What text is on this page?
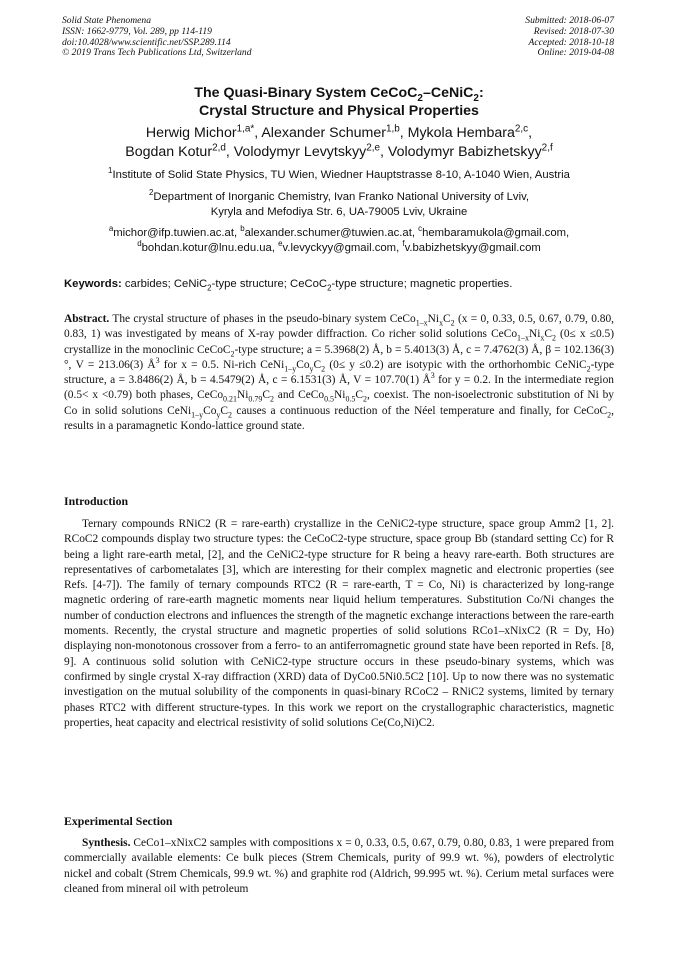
Solid State Phenomena
ISSN: 1662-9779, Vol. 289, pp 114-119
doi:10.4028/www.scientific.net/SSP.289.114
© 2019 Trans Tech Publications Ltd, Switzerland
Submitted: 2018-06-07
Revised: 2018-07-30
Accepted: 2018-10-18
Online: 2019-04-08
The Quasi-Binary System CeCoC$_2$–CeNiC$_2$:
Crystal Structure and Physical Properties
Herwig Michor$^{1,a*}$, Alexander Schumer$^{1,b}$, Mykola Hembara$^{2,c}$,
Bogdan Kotur$^{2,d}$, Volodymyr Levytskyy$^{2,e}$, Volodymyr Babizhetskyy$^{2,f}$
$^1$Institute of Solid State Physics, TU Wien, Wiedner Hauptstrasse 8-10, A-1040 Wien, Austria
$^2$Department of Inorganic Chemistry, Ivan Franko National University of Lviv,
Kyryla and Mefodiya Str. 6, UA-79005 Lviv, Ukraine
$^a$michor@ifp.tuwien.ac.at, $^b$alexander.schumer@tuwien.ac.at, $^c$hembaramukola@gmail.com,
$^d$bohdan.kotur@lnu.edu.ua, $^e$v.levyckyy@gmail.com, $^f$v.babizhetskyy@gmail.com
Keywords: carbides; CeNiC$_2$-type structure; CeCoC$_2$-type structure; magnetic properties.
Abstract. The crystal structure of phases in the pseudo-binary system $CeCo_{1-x}Ni_xC_2$ (x = 0, 0.33, 0.5, 0.67, 0.79, 0.80, 0.83, 1) was investigated by means of X-ray powder diffraction. Co richer solid solutions $CeCo_{1-x}Ni_xC_2$ (0≤ x ≤0.5) crystallize in the monoclinic CeCoC$_2$-type structure; a = 5.3968(2) Å, b = 5.4013(3) Å, c = 7.4762(3) Å, β = 102.136(3)°, V = 213.06(3) $Å^3$ for x = 0.5. Ni-rich $CeNi_{1-y}Co_yC_2$ (0≤ y ≤0.2) are isotypic with the orthorhombic CeNiC$_2$-type structure, a = 3.8486(2) Å, b = 4.5479(2) Å, c = 6.1531(3) Å, V = 107.70(1) $Å^3$ for y = 0.2. In the intermediate region (0.5< x <0.79) both phases, $CeCo_{0.21}Ni_{0.79}C_2$ and $CeCo_{0.5}Ni_{0.5}C_2$, coexist. The non-isoelectronic substitution of Ni by Co in solid solutions $CeNi_{1-y}Co_yC_2$ causes a continuous reduction of the Néel temperature and finally, for CeCoC$_2$, results in a paramagnetic Kondo-lattice ground state.
Introduction
Ternary compounds RNiC2 (R = rare-earth) crystallize in the CeNiC2-type structure, space group Amm2 [1, 2]. RCoC2 compounds display two structure types: the CeCoC2-type structure, space group Bb (standard setting Cc) for R being a light rare-earth metal, [2], and the CeNiC2-type structure for R being a heavy rare-earth. Both structures are representatives of carbometalates [3], which are interesting for their complex magnetic and electronic properties (see Refs. [4-7]). The family of ternary compounds RTC2 (R = rare-earth, T = Co, Ni) is characterized by long-range magnetic ordering of rare-earth magnetic moments near liquid helium temperatures. Substitution Co/Ni changes the number of conduction electrons and influences the strength of the magnetic exchange interactions between the rare-earth moments. Recently, the crystal structure and magnetic properties of solid solutions RCo1–xNixC2 (R = Dy, Ho) displaying non-monotonous crossover from a ferro- to an antiferromagnetic ground state have been reported in Refs. [8, 9]. A continuous solid solution with CeNiC2-type structure occurs in these pseudo-binary systems, which was confirmed by single crystal X-ray diffraction (XRD) data of DyCo0.5Ni0.5C2 [10]. Up to now there was no systematic investigation on the mutual solubility of the components in quasi-binary RCoC2 – RNiC2 systems, limited by ternary phases RTC2 with different structure-types. In this work we report on the crystallographic characteristics, magnetic properties, heat capacity and electrical resistivity of solid solutions Ce(Co,Ni)C2.
Experimental Section
Synthesis. CeCo1–xNixC2 samples with compositions x = 0, 0.33, 0.5, 0.67, 0.79, 0.80, 0.83, 1 were prepared from commercially available elements: Ce bulk pieces (Strem Chemicals, purity of 99.9 wt. %), powders of electrolytic nickel and cobalt (Strem Chemicals, 99.9 wt. %) and graphite rod (Aldrich, 99.995 wt. %). Cerium metal surfaces were cleaned from mineral oil with petroleum
